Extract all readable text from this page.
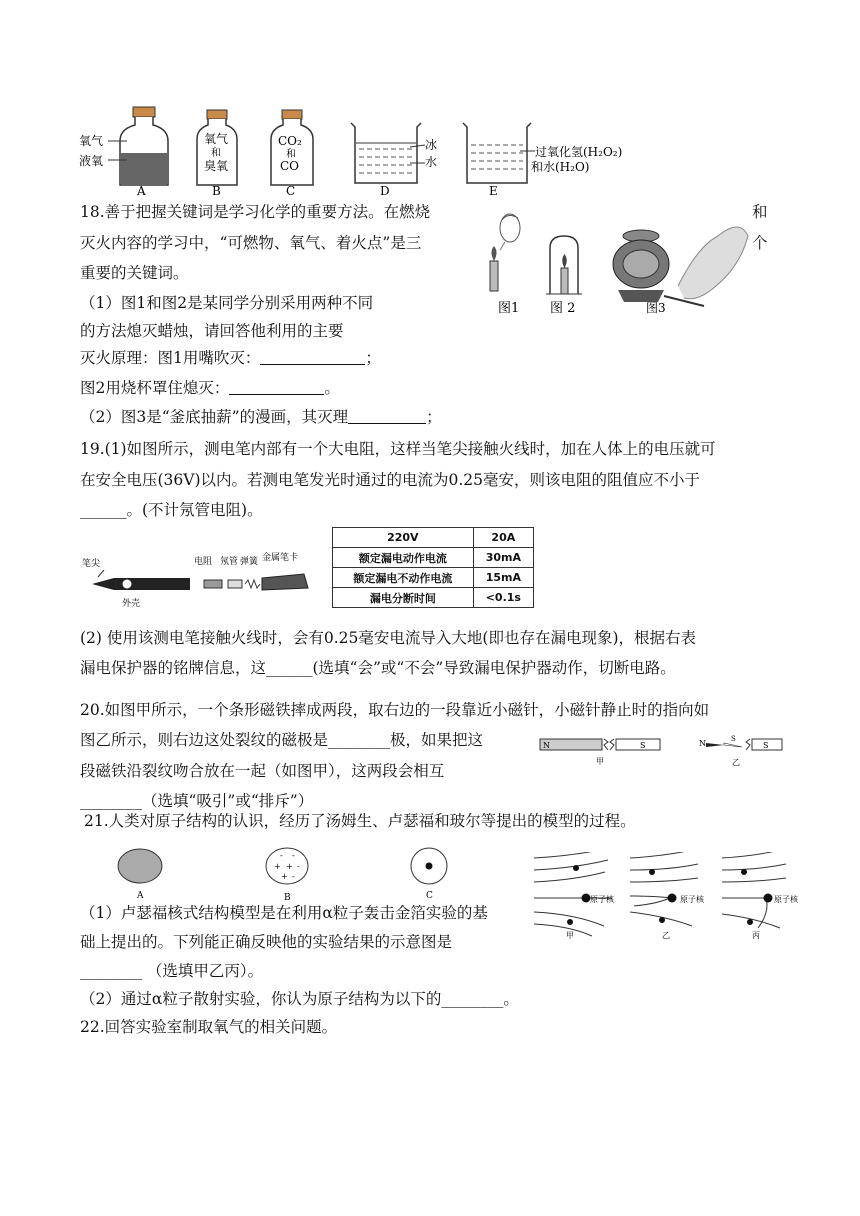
氧气
液氧
A
氧气
和
臭氧
B
CO₂
和
CO
C
冰
水
D
过氧化氢(H₂O₂)
和水(H₂O)
E
18.善于把握关键词是学习化学的重要方法。在燃烧	和
灭火内容的学习中，“可燃物、氧气、着火点”是三	个
重要的关键词。
（1）图1和图2是某同学分别采用两种不同
的方法熄灭蜡烛，请回答他利用的主要
灭火原理：图1用嘴吹灭：	；
图2用烧杯罩住熄灭：	。
（2）图3是“釜底抽薪”的漫画，其灭理	；
图1 图 2	图3
19.(1)如图所示，测电笔内部有一个大电阻，这样当笔尖接触火线时，加在人体上的电压就可
在安全电压(36V)以内。若测电笔发光时通过的电流为0.25毫安，则该电阻的阻值应不小于
______。(不计氖管电阻)。
笔尖	电阻 氖管 弹簧 金属笔卡
外壳
220V	20A
额定漏电动作电流	30mA
额定漏电不动作电流	15mA
漏电分断时间	<0.1s
(2) 使用该测电笔接触火线时，会有0.25毫安电流导入大地(即也存在漏电现象)，根据右表
漏电保护器的铭牌信息，这______(选填“会”或“不会”导致漏电保护器动作，切断电路。
20.如图甲所示，一个条形磁铁摔成两段，取右边的一段靠近小磁针，小磁针静止时的指向如
图乙所示，则右边这处裂纹的磁极是________极，如果把这
段磁铁沿裂纹吻合放在一起（如图甲），这两段会相互
________（选填“吸引”或“排斥”）
N	S
甲
N	S
S
乙
21.人类对原子结构的认识，经历了汤姆生、卢瑟福和玻尔等提出的模型的过程。
A
- -
+ + -
+ -
B	C	原子核
甲
原子核
乙
原子核
丙
（1）卢瑟福核式结构模型是在利用α粒子轰击金箔实验的基
础上提出的。下列能正确反映他的实验结果的示意图是
________ （选填甲乙丙）。
（2）通过α粒子散射实验，你认为原子结构为以下的________。
22.回答实验室制取氧气的相关问题。
